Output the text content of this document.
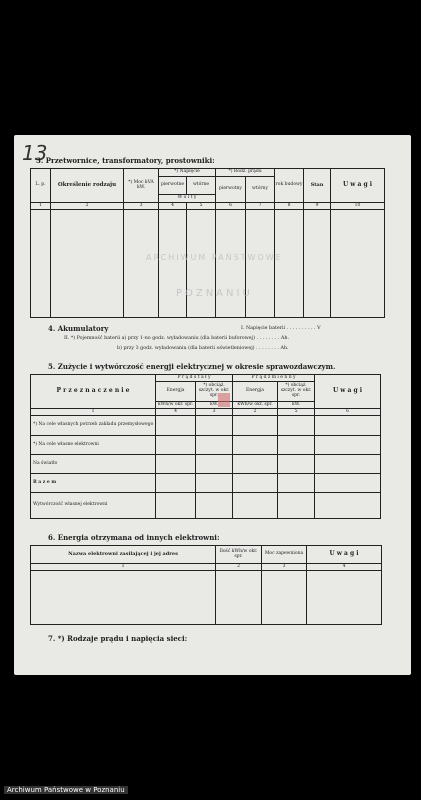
13
3. Przetwornice, transformatory, prostowniki:
L. p.	Określenie rodzaju	*) Moc kVA kW.	*) Napięcie		*) Rodz. prądu		rok budowy	Stan	U w a g i
			pierwotne	wtórne	pierwotny	wtórny			
			W o l t y						
1	2	3	4	5	6	7	8	9	10

4. Akumulatory	I. Napięcie baterii . . . . . . . . . . V
II. *) Pojemność baterii a) przy 1-no godz. wyładowaniu (dla baterii buforowej) . . . . . . . . Ah.
b) przy 3 godz. wyładowaniu (dla baterii oświetleniowej) . . . . . . . . Ah.
5. Zużycie i wytwórczość energji elektrycznej w okresie sprawozdawczym.
P r z e z n a c z e n i e	P r ą d s t a ł y		P r ą d z m i e n n y		U w a g i
	Energja	*) obciąż. szczyt. w okr. spr.	Energja	*) obciąż. szczyt. w okr. spr.	
	kWh/w okr. spr.	kW.	kWh/w okr. spr.	kW.	
1	4	3	2	5	6
*) Na cele własnych potrzeb zakładu przemysłowego					
*) Na cele własne elektrowni					
Na światło					
R a z e m					
Wytwórczość własnej elektrowni					
6. Energia otrzymana od innych elektrowni:
Nazwa elektrowni zasilającej i jej adres	Ilość kWh/w okr. spr.	Moc zapewniona	U w a g i
1	2	3	4

7. *) Rodzaje prądu i napięcia sieci:
ARCHIWUM PAŃSTWOWE
POZNANIU
Archiwum Państwowe w Poznaniu
